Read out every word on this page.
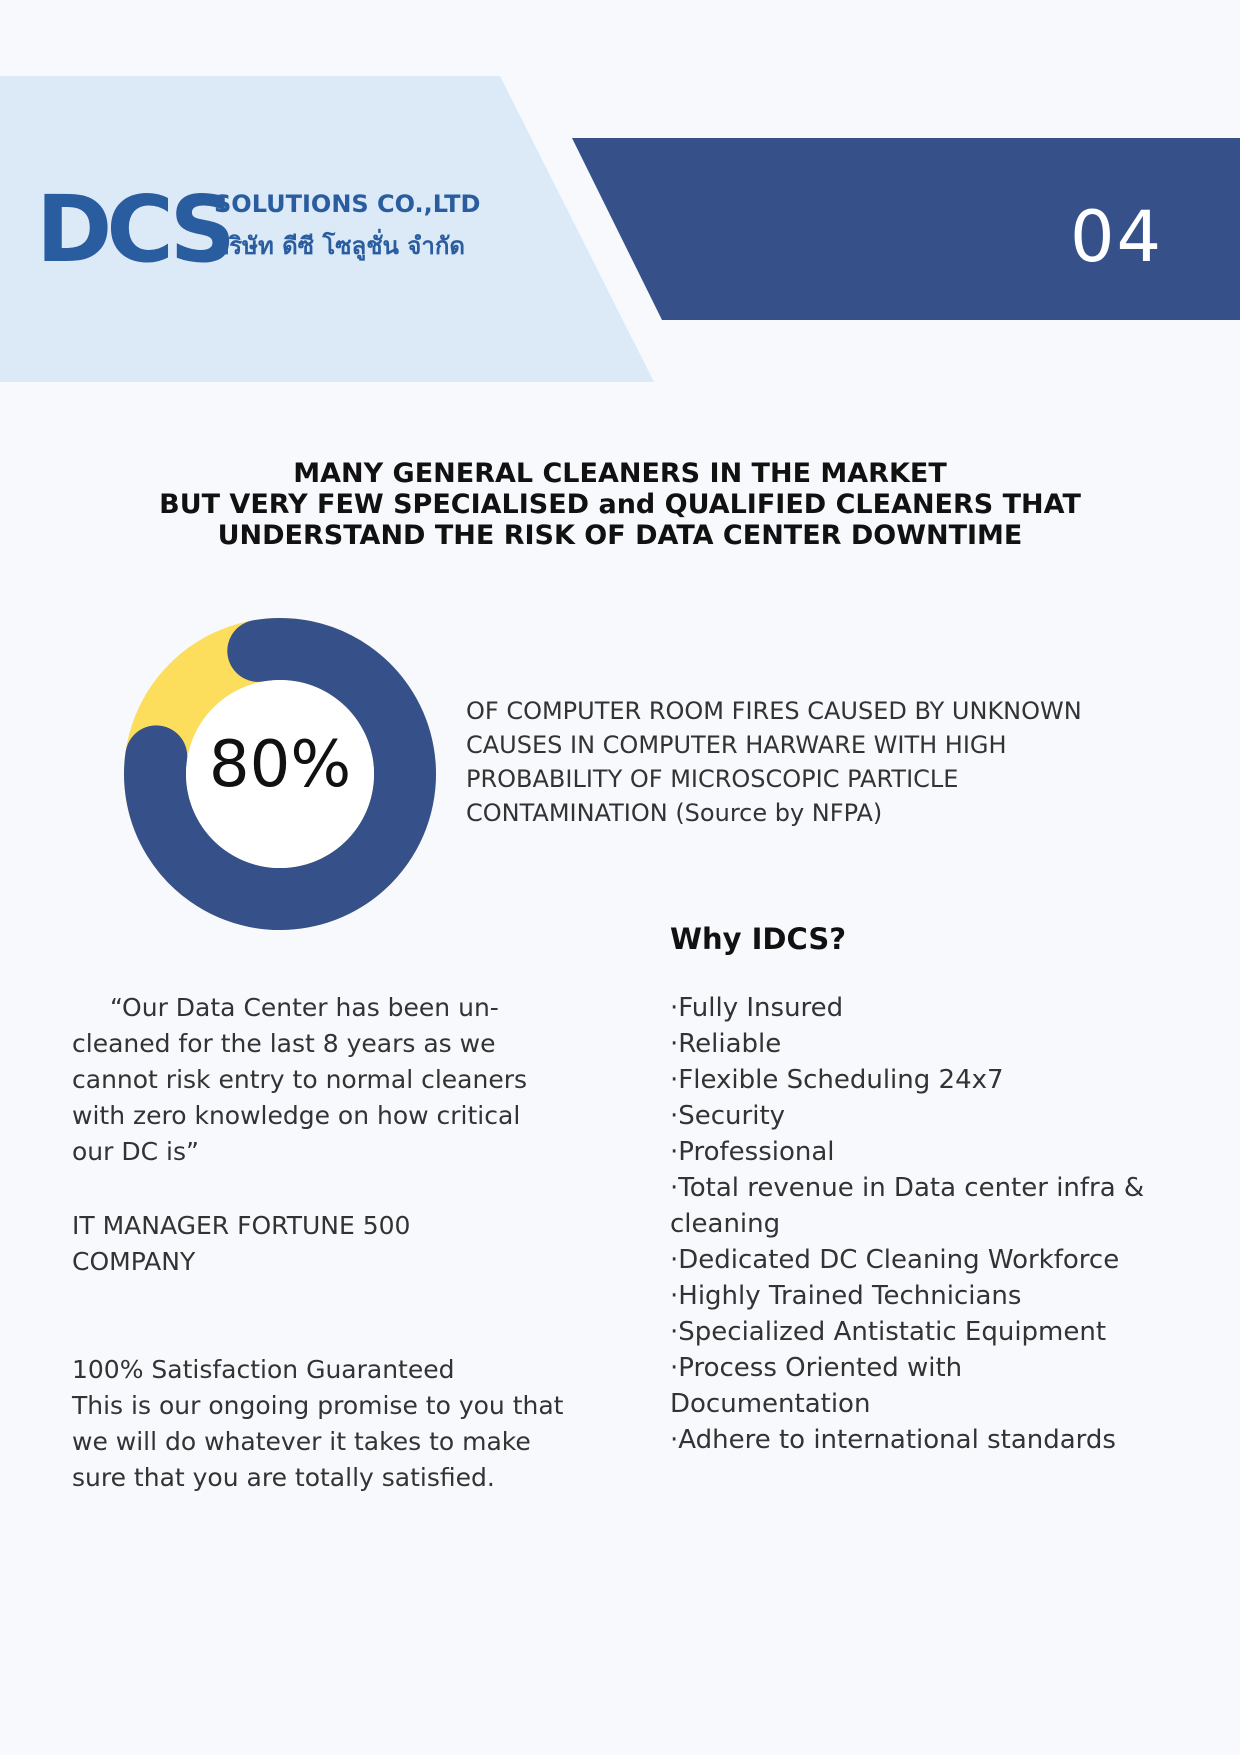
DCS
SOLUTIONS CO.,LTD
บริษัท ดีซี โซลูชั่น จำกัด	04
MANY GENERAL CLEANERS IN THE MARKET
BUT VERY FEW SPECIALISED and QUALIFIED CLEANERS THAT
UNDERSTAND THE RISK OF DATA CENTER DOWNTIME
80%

OF COMPUTER ROOM FIRES CAUSED BY UNKNOWN
CAUSES IN COMPUTER HARWARE WITH HIGH
PROBABILITY OF MICROSCOPIC PARTICLE
CONTAMINATION (Source by NFPA)

“Our Data Center has been un-cleaned for the last 8 years as we cannot risk entry to normal cleaners with zero knowledge on how critical our DC is”

IT MANAGER FORTUNE 500 COMPANY

100% Satisfaction Guaranteed

This is our ongoing promise to you that we will do whatever it takes to make sure that you are totally satisfied.

Why IDCS?
· Fully Insured
· Reliable
· Flexible Scheduling 24x7
· Security
· Professional
· Total revenue in Data center infra & cleaning
· Dedicated DC Cleaning Workforce
· Highly Trained Technicians
· Specialized Antistatic Equipment
· Process Oriented with Documentation
· Adhere to international standards
